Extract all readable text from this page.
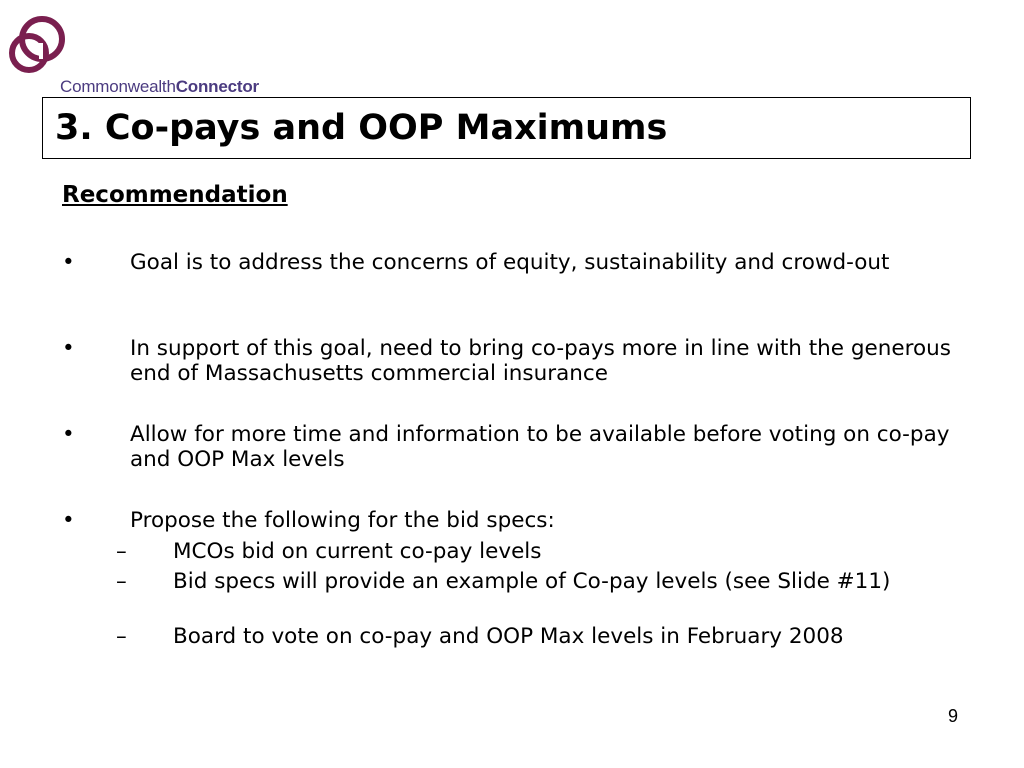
CommonwealthConnector
3. Co-pays and OOP Maximums
Recommendation
•	Goal is to address the concerns of equity, sustainability and crowd-out
•	In support of this goal, need to bring co-pays more in line with the generous end of Massachusetts commercial insurance
•	Allow for more time and information to be available before voting on co-pay and OOP Max levels
•	Propose the following for the bid specs:
– MCOs bid on current co-pay levels
– Bid specs will provide an example of Co-pay levels (see Slide #11)
– Board to vote on co-pay and OOP Max levels in February 2008
9
